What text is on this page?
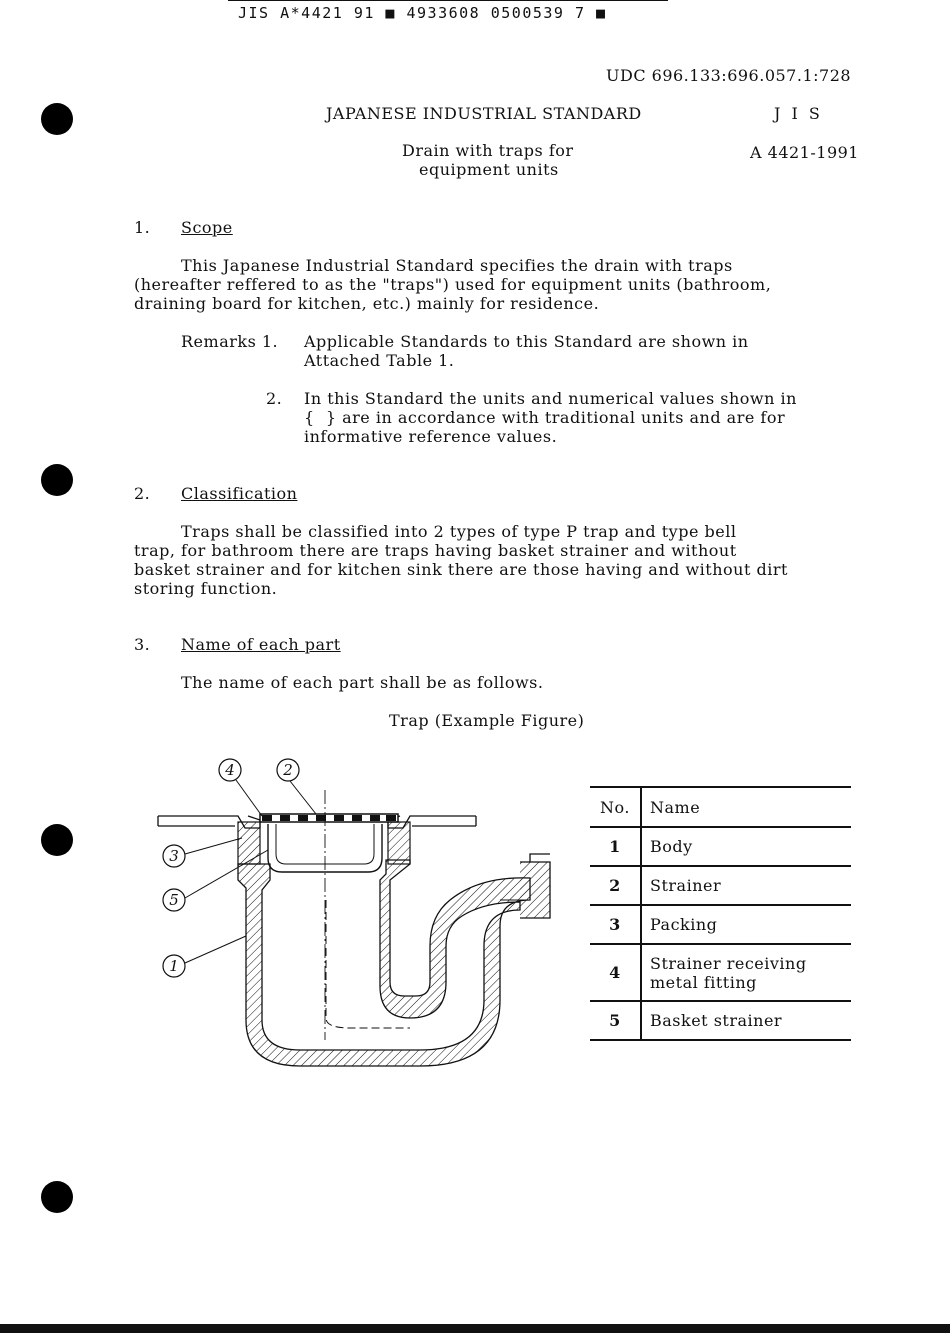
JIS A*4421 91 ■ 4933608 0500539 7 ■
UDC 696.133:696.057.1:728
JAPANESE INDUSTRIAL STANDARD	J I S
Drain with traps for
equipment units
A 4421-1991
1. Scope
This Japanese Industrial Standard specifies the drain with traps
(hereafter reffered to as the "traps") used for equipment units (bathroom,
draining board for kitchen, etc.) mainly for residence.
Remarks 1. Applicable Standards to this Standard are shown in
Attached Table 1.
2. In this Standard the units and numerical values shown in
{  } are in accordance with traditional units and are for
informative reference values.
2. Classification
Traps shall be classified into 2 types of type P trap and type bell
trap, for bathroom there are traps having basket strainer and without
basket strainer and for kitchen sink there are those having and without dirt
storing function.
3. Name of each part
The name of each part shall be as follows.
Trap (Example Figure)
4	2
3
5
1
No.	Name
1	Body
2	Strainer
3	Packing
4	Strainer receiving metal fitting
5	Basket strainer
